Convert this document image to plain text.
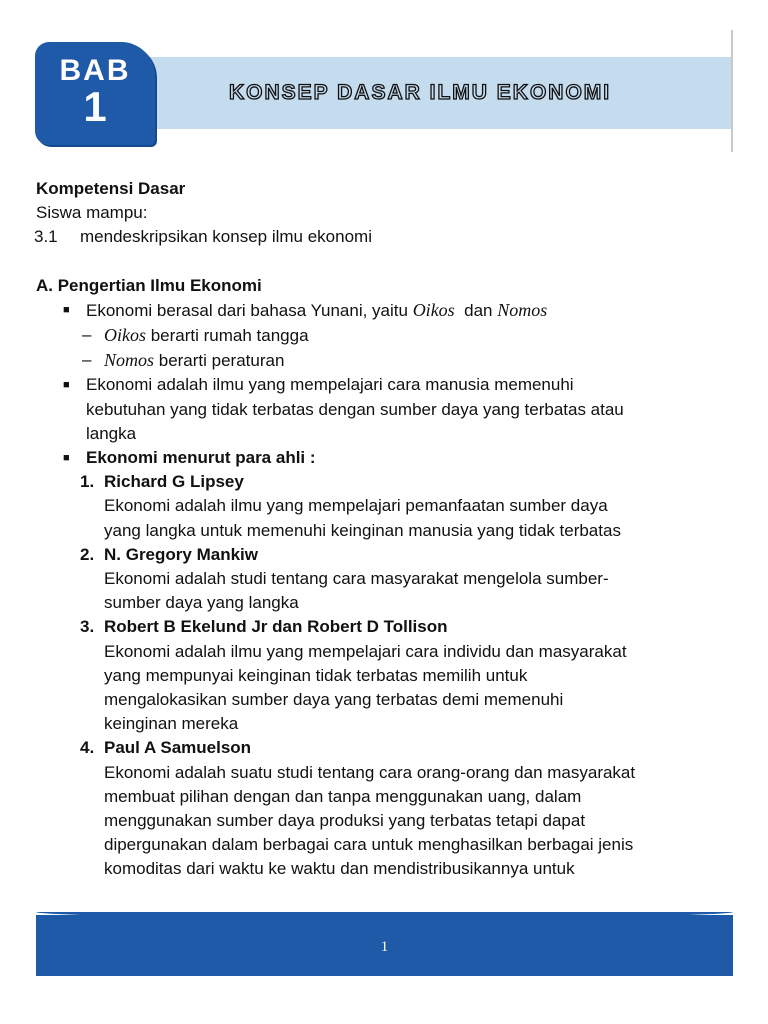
BAB
1	KONSEP DASAR ILMU EKONOMI
Kompetensi Dasar
Siswa mampu:
3.1 mendeskripsikan konsep ilmu ekonomi
A. Pengertian Ilmu Ekonomi
■ Ekonomi berasal dari bahasa Yunani, yaitu Oikos  dan Nomos
– Oikos berarti rumah tangga
– Nomos berarti peraturan
■ Ekonomi adalah ilmu yang mempelajari cara manusia memenuhi
kebutuhan yang tidak terbatas dengan sumber daya yang terbatas atau
langka
■ Ekonomi menurut para ahli :
1. Richard G Lipsey
Ekonomi adalah ilmu yang mempelajari pemanfaatan sumber daya
yang langka untuk memenuhi keinginan manusia yang tidak terbatas
2. N. Gregory Mankiw
Ekonomi adalah studi tentang cara masyarakat mengelola sumber-
sumber daya yang langka
3. Robert B Ekelund Jr dan Robert D Tollison
Ekonomi adalah ilmu yang mempelajari cara individu dan masyarakat
yang mempunyai keinginan tidak terbatas memilih untuk
mengalokasikan sumber daya yang terbatas demi memenuhi
keinginan mereka
4. Paul A Samuelson
Ekonomi adalah suatu studi tentang cara orang-orang dan masyarakat
membuat pilihan dengan dan tanpa menggunakan uang, dalam
menggunakan sumber daya produksi yang terbatas tetapi dapat
dipergunakan dalam berbagai cara untuk menghasilkan berbagai jenis
komoditas dari waktu ke waktu dan mendistribusikannya untuk
1
